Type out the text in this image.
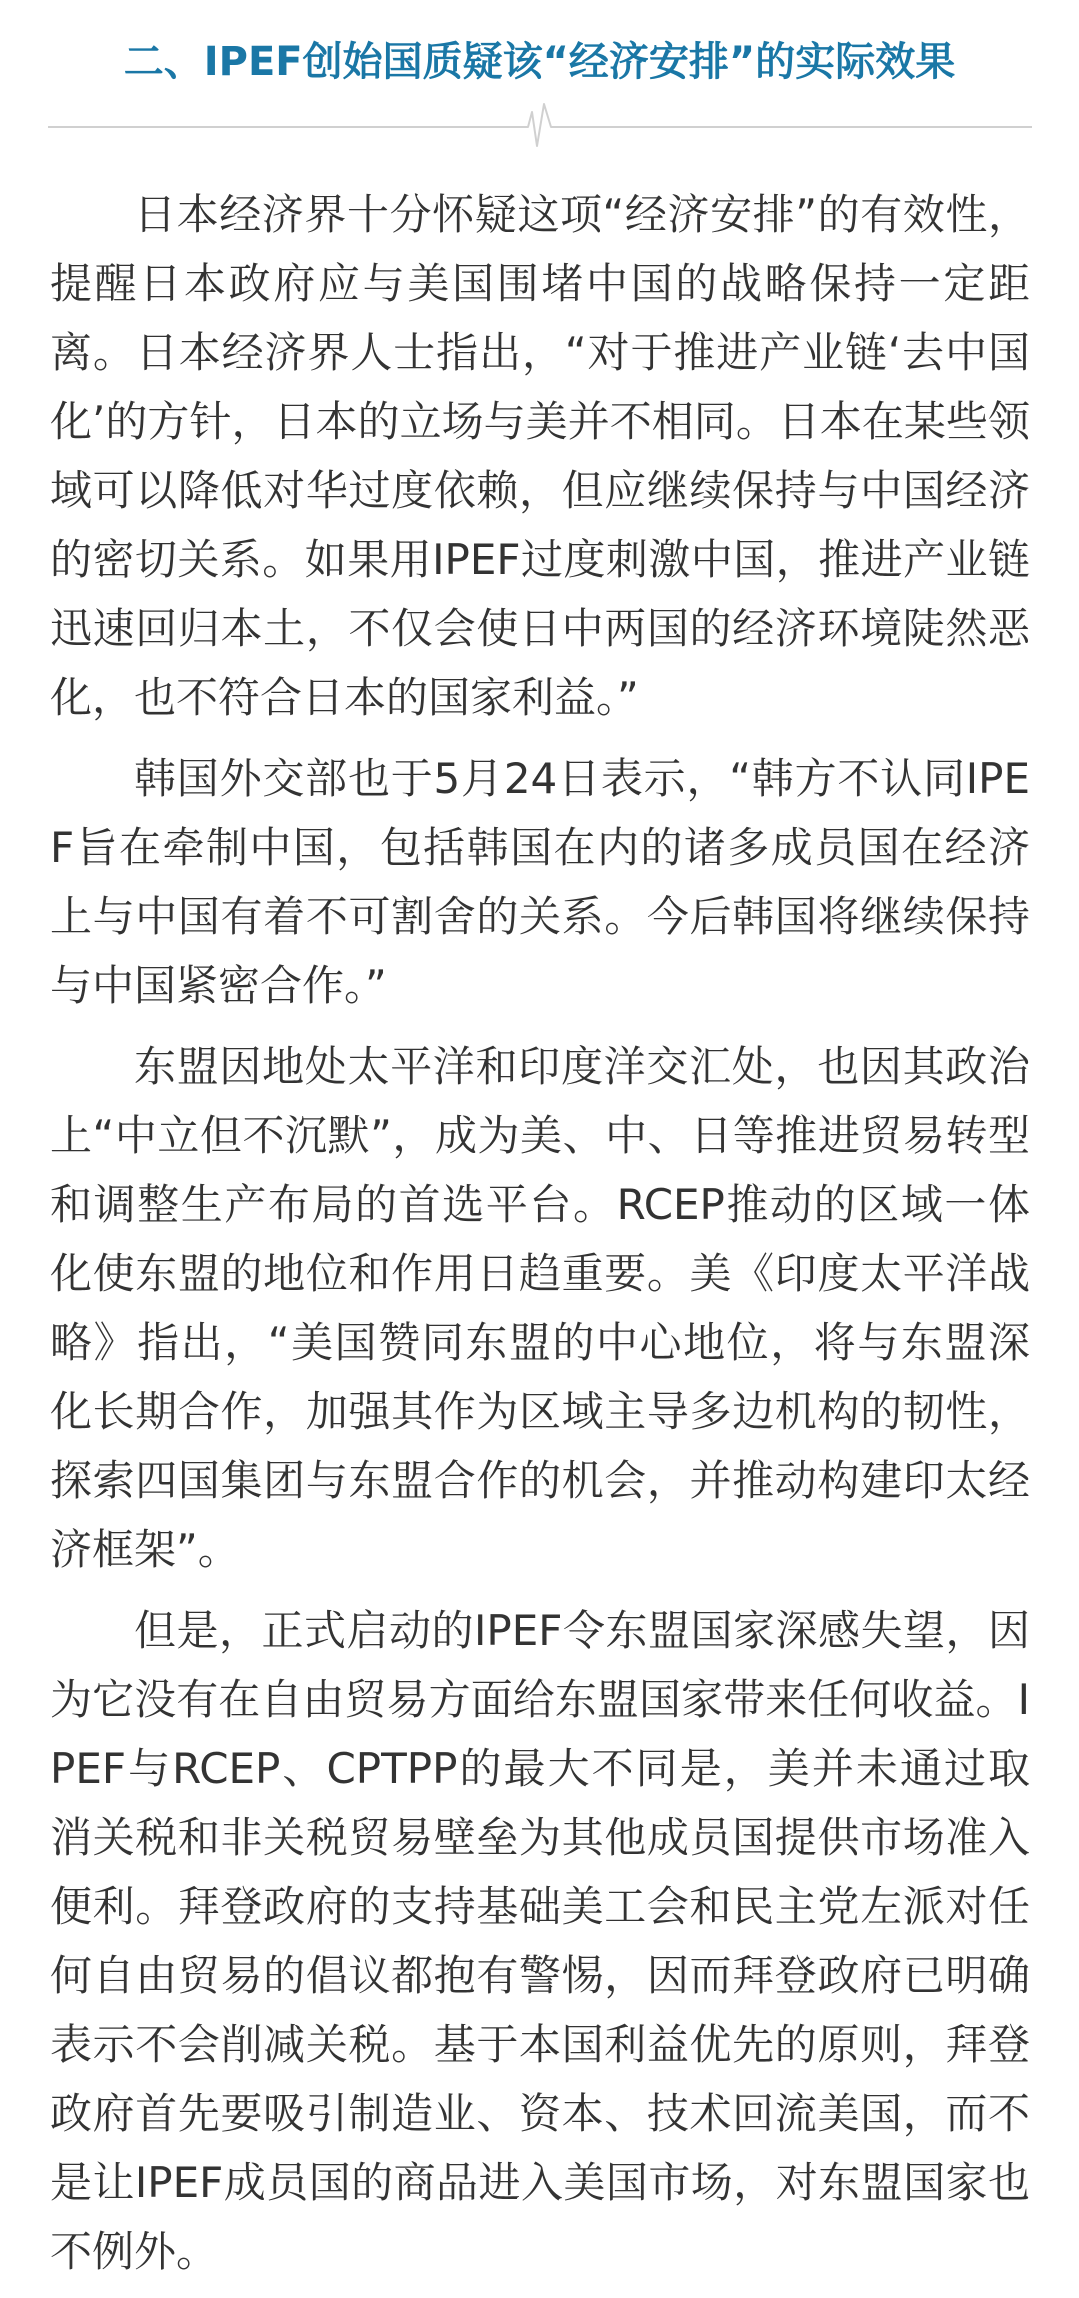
二、IPEF创始国质疑该“经济安排”的实际效果

日本经济界十分怀疑这项“经济安排”的有效性，提醒日本政府应与美国围堵中国的战略保持一定距离。日本经济界人士指出，“对于推进产业链‘去中国化’的方针，日本的立场与美并不相同。日本在某些领域可以降低对华过度依赖，但应继续保持与中国经济的密切关系。如果用IPEF过度刺激中国，推进产业链迅速回归本土，不仅会使日中两国的经济环境陡然恶化，也不符合日本的国家利益。”

韩国外交部也于5月24日表示，“韩方不认同IPEF旨在牵制中国，包括韩国在内的诸多成员国在经济上与中国有着不可割舍的关系。今后韩国将继续保持与中国紧密合作。”

东盟因地处太平洋和印度洋交汇处，也因其政治上“中立但不沉默”，成为美、中、日等推进贸易转型和调整生产布局的首选平台。RCEP推动的区域一体化使东盟的地位和作用日趋重要。美《印度太平洋战略》指出，“美国赞同东盟的中心地位，将与东盟深化长期合作，加强其作为区域主导多边机构的韧性，探索四国集团与东盟合作的机会，并推动构建印太经济框架”。

但是，正式启动的IPEF令东盟国家深感失望，因为它没有在自由贸易方面给东盟国家带来任何收益。IPEF与RCEP、CPTPP的最大不同是，美并未通过取消关税和非关税贸易壁垒为其他成员国提供市场准入便利。拜登政府的支持基础美工会和民主党左派对任何自由贸易的倡议都抱有警惕，因而拜登政府已明确表示不会削减关税。基于本国利益优先的原则，拜登政府首先要吸引制造业、资本、技术回流美国，而不是让IPEF成员国的商品进入美国市场，对东盟国家也不例外。
